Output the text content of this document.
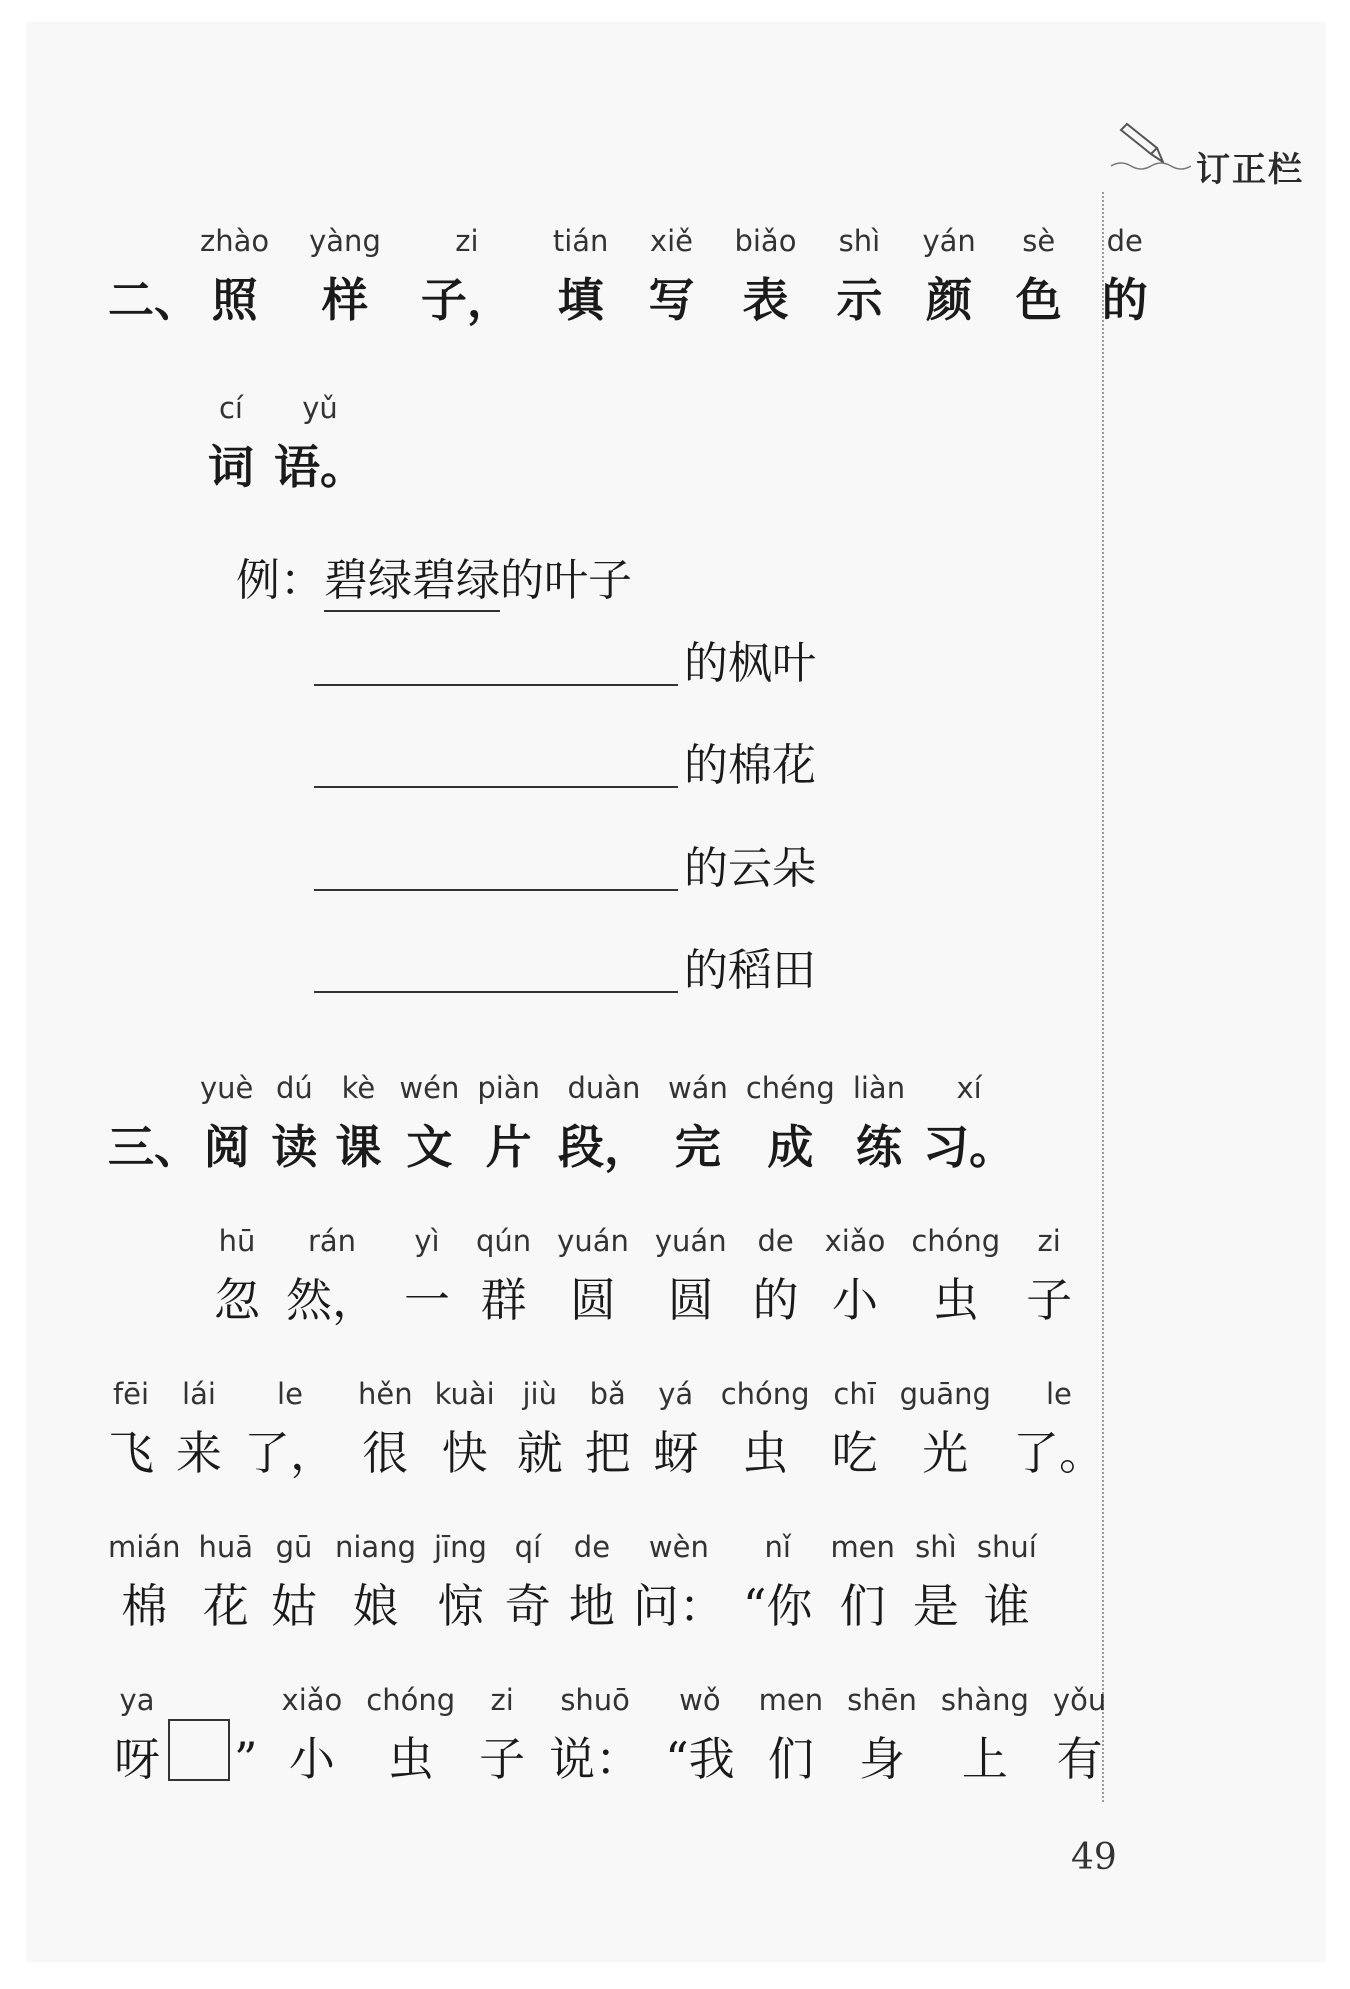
订正栏
二、
zhào
照
yàng
样
zi
子，
tián
填
xiě
写
biǎo
表
shì
示
yán
颜
sè
色
de
的
cí
词
yǔ
语。
例： 碧绿碧绿 的叶子
的枫叶
的棉花
的云朵
的稻田
三、
yuè
阅
dú
读
kè
课
wén
文
piàn
片
duàn
段，
wán
完
chéng
成
liàn
练
xí
习。
hū
忽
rán
然，
yì
一
qún
群
yuán
圆
yuán
圆
de
的
xiǎo
小
chóng
虫
zi
子
fēi
飞
lái
来
le
了，
hěn
很
kuài
快
jiù
就
bǎ
把
yá
蚜
chóng
虫
chī
吃
guāng
光
le
了。
mián
棉
huā
花
gū
姑
niang
娘
jīng
惊
qí
奇
de
地
wèn
问：
nǐ
“你
men
们
shì
是
shuí
谁
ya
呀 ”
xiǎo
小
chóng
虫
zi
子
shuō
说：
wǒ
“我
men
们
shēn
身
shàng
上
yǒu
有
49
